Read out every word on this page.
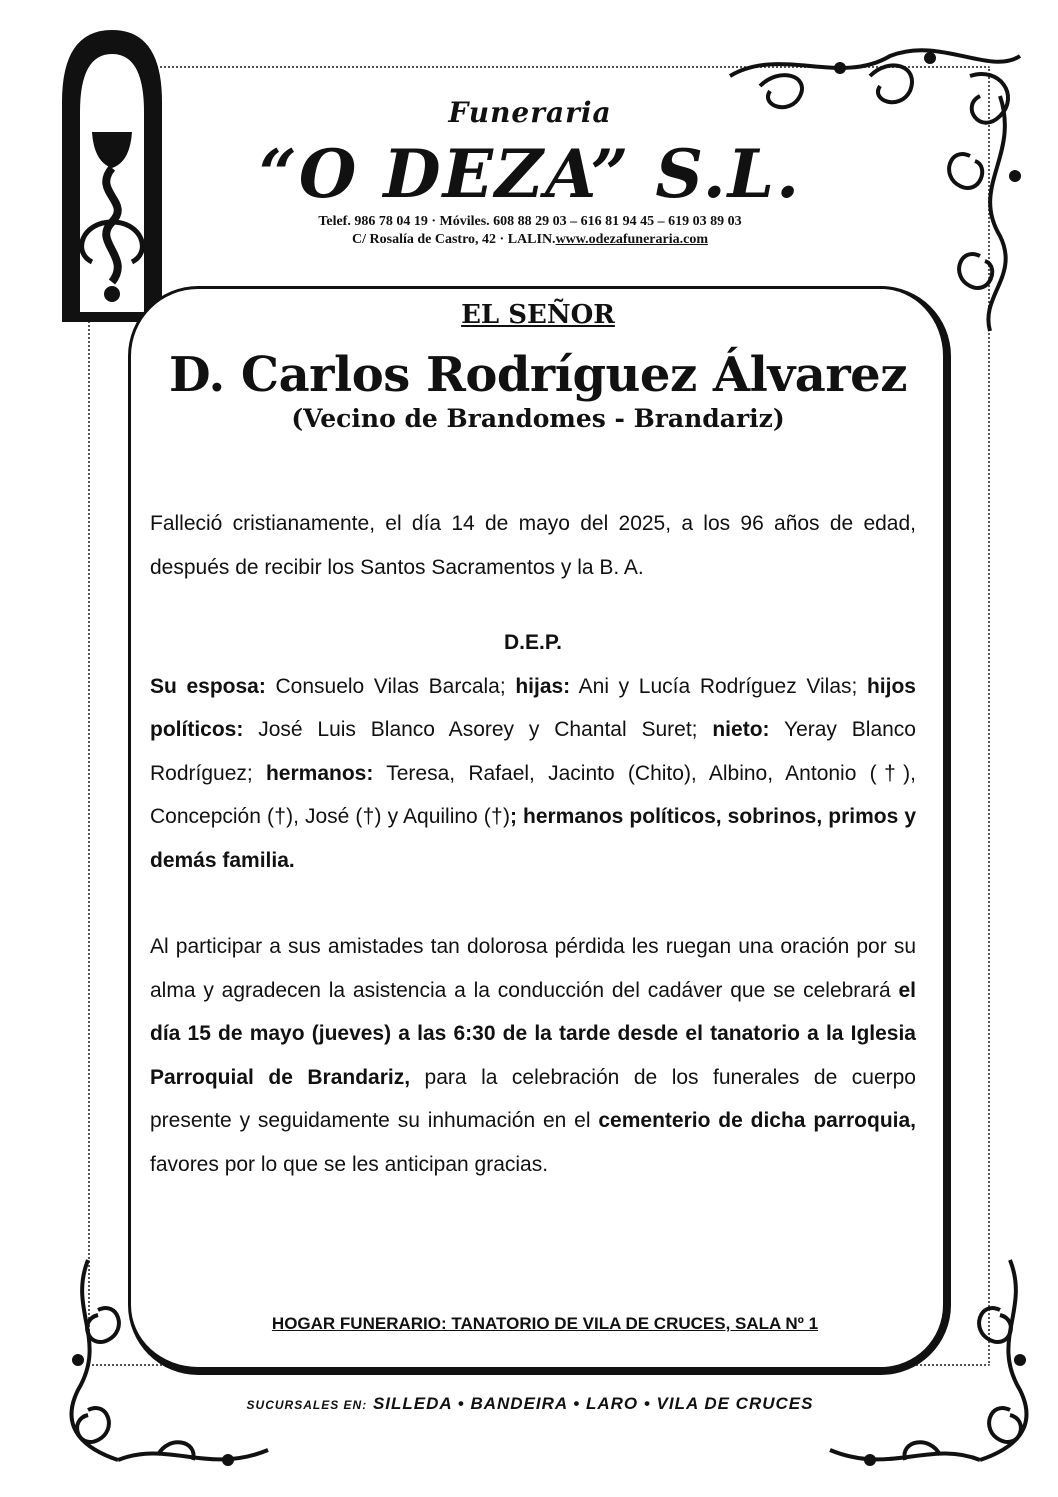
Funeraria
“O DEZA” S.L.
Telef. 986 78 04 19 · Móviles. 608 88 29 03 – 616 81 94 45 – 619 03 89 03
C/ Rosalía de Castro, 42 · LALIN.www.odezafuneraria.com
EL SEÑOR
D. Carlos Rodríguez Álvarez
(Vecino de Brandomes - Brandariz)

Falleció cristianamente, el día 14 de mayo del 2025, a los 96 años de edad, después de recibir los Santos Sacramentos y la B. A.

D.E.P.

Su esposa: Consuelo Vilas Barcala; hijas: Ani y Lucía Rodríguez Vilas; hijos políticos: José Luis Blanco Asorey y Chantal Suret; nieto: Yeray Blanco Rodríguez; hermanos: Teresa, Rafael, Jacinto (Chito), Albino, Antonio (†), Concepción (†), José (†) y Aquilino (†); hermanos políticos, sobrinos, primos y demás familia.

Al participar a sus amistades tan dolorosa pérdida les ruegan una oración por su alma y agradecen la asistencia a la conducción del cadáver que se celebrará el día 15 de mayo (jueves) a las 6:30 de la tarde desde el tanatorio a la Iglesia Parroquial de Brandariz, para la celebración de los funerales de cuerpo presente y seguidamente su inhumación en el cementerio de dicha parroquia, favores por lo que se les anticipan gracias.

HOGAR FUNERARIO: TANATORIO DE VILA DE CRUCES, SALA Nº 1
SUCURSALES EN: SILLEDA • BANDEIRA • LARO • VILA DE CRUCES
